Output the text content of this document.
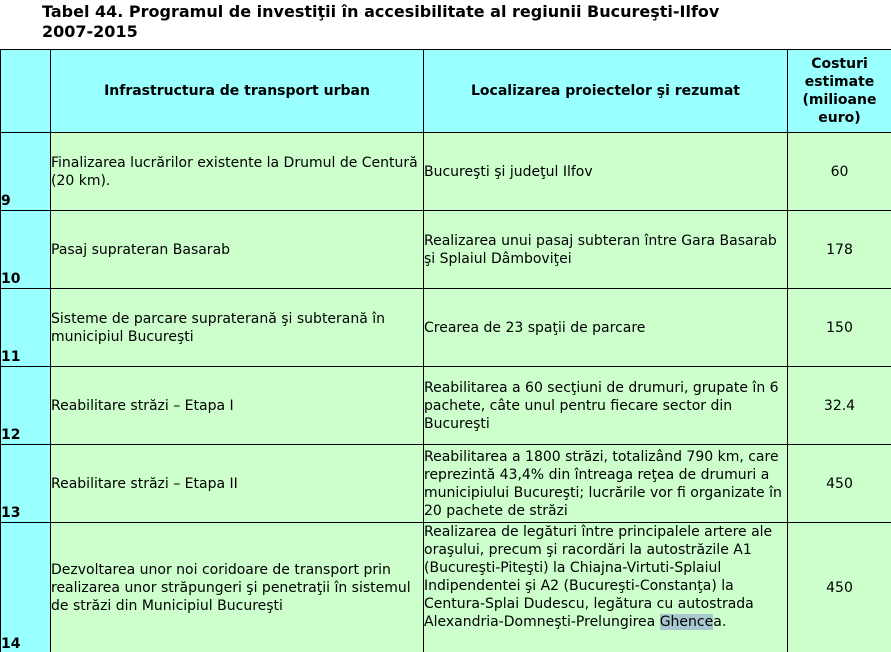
Tabel 44. Programul de investiţii în accesibilitate al regiunii Bucureşti-Ilfov
2007-2015
	Infrastructura de transport urban	Localizarea proiectelor şi rezumat	Costuri
estimate
(milioane
euro)
9	Finalizarea lucrărilor existente la Drumul de Centură (20 km).	Bucureşti şi judeţul Ilfov	60
10	Pasaj suprateran Basarab	Realizarea unui pasaj subteran între Gara Basarab şi Splaiul Dâmboviţei	178
11	Sisteme de parcare supraterană şi subterană în municipiul Bucureşti	Crearea de 23 spaţii de parcare	150
12	Reabilitare străzi – Etapa I	Reabilitarea a 60 secţiuni de drumuri, grupate în 6 pachete, câte unul pentru fiecare sector din Bucureşti	32.4
13	Reabilitare străzi – Etapa II	Reabilitarea a 1800 străzi, totalizând 790 km, care reprezintă 43,4% din întreaga reţea de drumuri a municipiului Bucureşti; lucrările vor fi organizate în 20 pachete de străzi	450
14	Dezvoltarea unor noi coridoare de transport prin realizarea unor străpungeri şi penetraţii în sistemul de străzi din Municipiul Bucureşti	Realizarea de legături între principalele artere ale oraşului, precum şi racordări la autostrăzile A1 (Bucureşti-Piteşti) la Chiajna-Virtuti-Splaiul Indipendentei şi A2 (Bucureşti-Constanţa) la Centura-Splai Dudescu, legătura cu autostrada Alexandria-Domneşti-Prelungirea Ghencea.	450
